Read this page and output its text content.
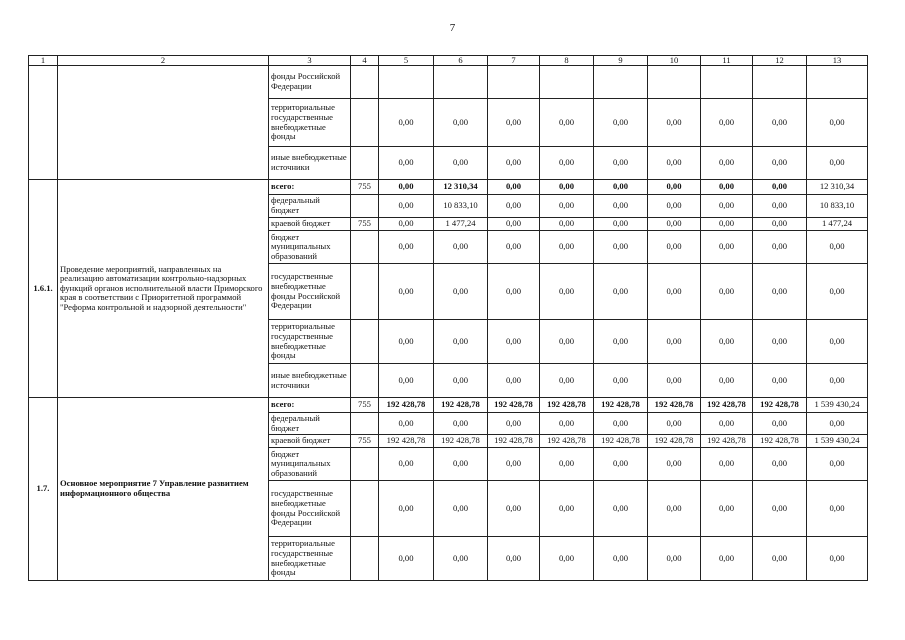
7
1	2	3	4	5	6	7	8	9	10	11	12	13
		фонды Российской Федерации										
		территориальные государственные внебюджетные фонды		0,00	0,00	0,00	0,00	0,00	0,00	0,00	0,00	0,00
		иные внебюджетные источники		0,00	0,00	0,00	0,00	0,00	0,00	0,00	0,00	0,00
1.6.1.	Проведение мероприятий, направленных на реализацию автоматизации контрольно-надзорных функций органов исполнительной власти Приморского края в соответствии с Приоритетной программой "Реформа контрольной и надзорной деятельности"	всего:	755	0,00	12 310,34	0,00	0,00	0,00	0,00	0,00	0,00	12 310,34
		федеральный бюджет		0,00	10 833,10	0,00	0,00	0,00	0,00	0,00	0,00	10 833,10
		краевой бюджет	755	0,00	1 477,24	0,00	0,00	0,00	0,00	0,00	0,00	1 477,24
		бюджет муниципальных образований		0,00	0,00	0,00	0,00	0,00	0,00	0,00	0,00	0,00
		государственные внебюджетные фонды Российской Федерации		0,00	0,00	0,00	0,00	0,00	0,00	0,00	0,00	0,00
		территориальные государственные внебюджетные фонды		0,00	0,00	0,00	0,00	0,00	0,00	0,00	0,00	0,00
		иные внебюджетные источники		0,00	0,00	0,00	0,00	0,00	0,00	0,00	0,00	0,00
1.7.	Основное мероприятие 7 Управление развитием информационного общества	всего:	755	192 428,78	192 428,78	192 428,78	192 428,78	192 428,78	192 428,78	192 428,78	192 428,78	1 539 430,24
		федеральный бюджет		0,00	0,00	0,00	0,00	0,00	0,00	0,00	0,00	0,00
		краевой бюджет	755	192 428,78	192 428,78	192 428,78	192 428,78	192 428,78	192 428,78	192 428,78	192 428,78	1 539 430,24
		бюджет муниципальных образований		0,00	0,00	0,00	0,00	0,00	0,00	0,00	0,00	0,00
		государственные внебюджетные фонды Российской Федерации		0,00	0,00	0,00	0,00	0,00	0,00	0,00	0,00	0,00
		территориальные государственные внебюджетные фонды		0,00	0,00	0,00	0,00	0,00	0,00	0,00	0,00	0,00
